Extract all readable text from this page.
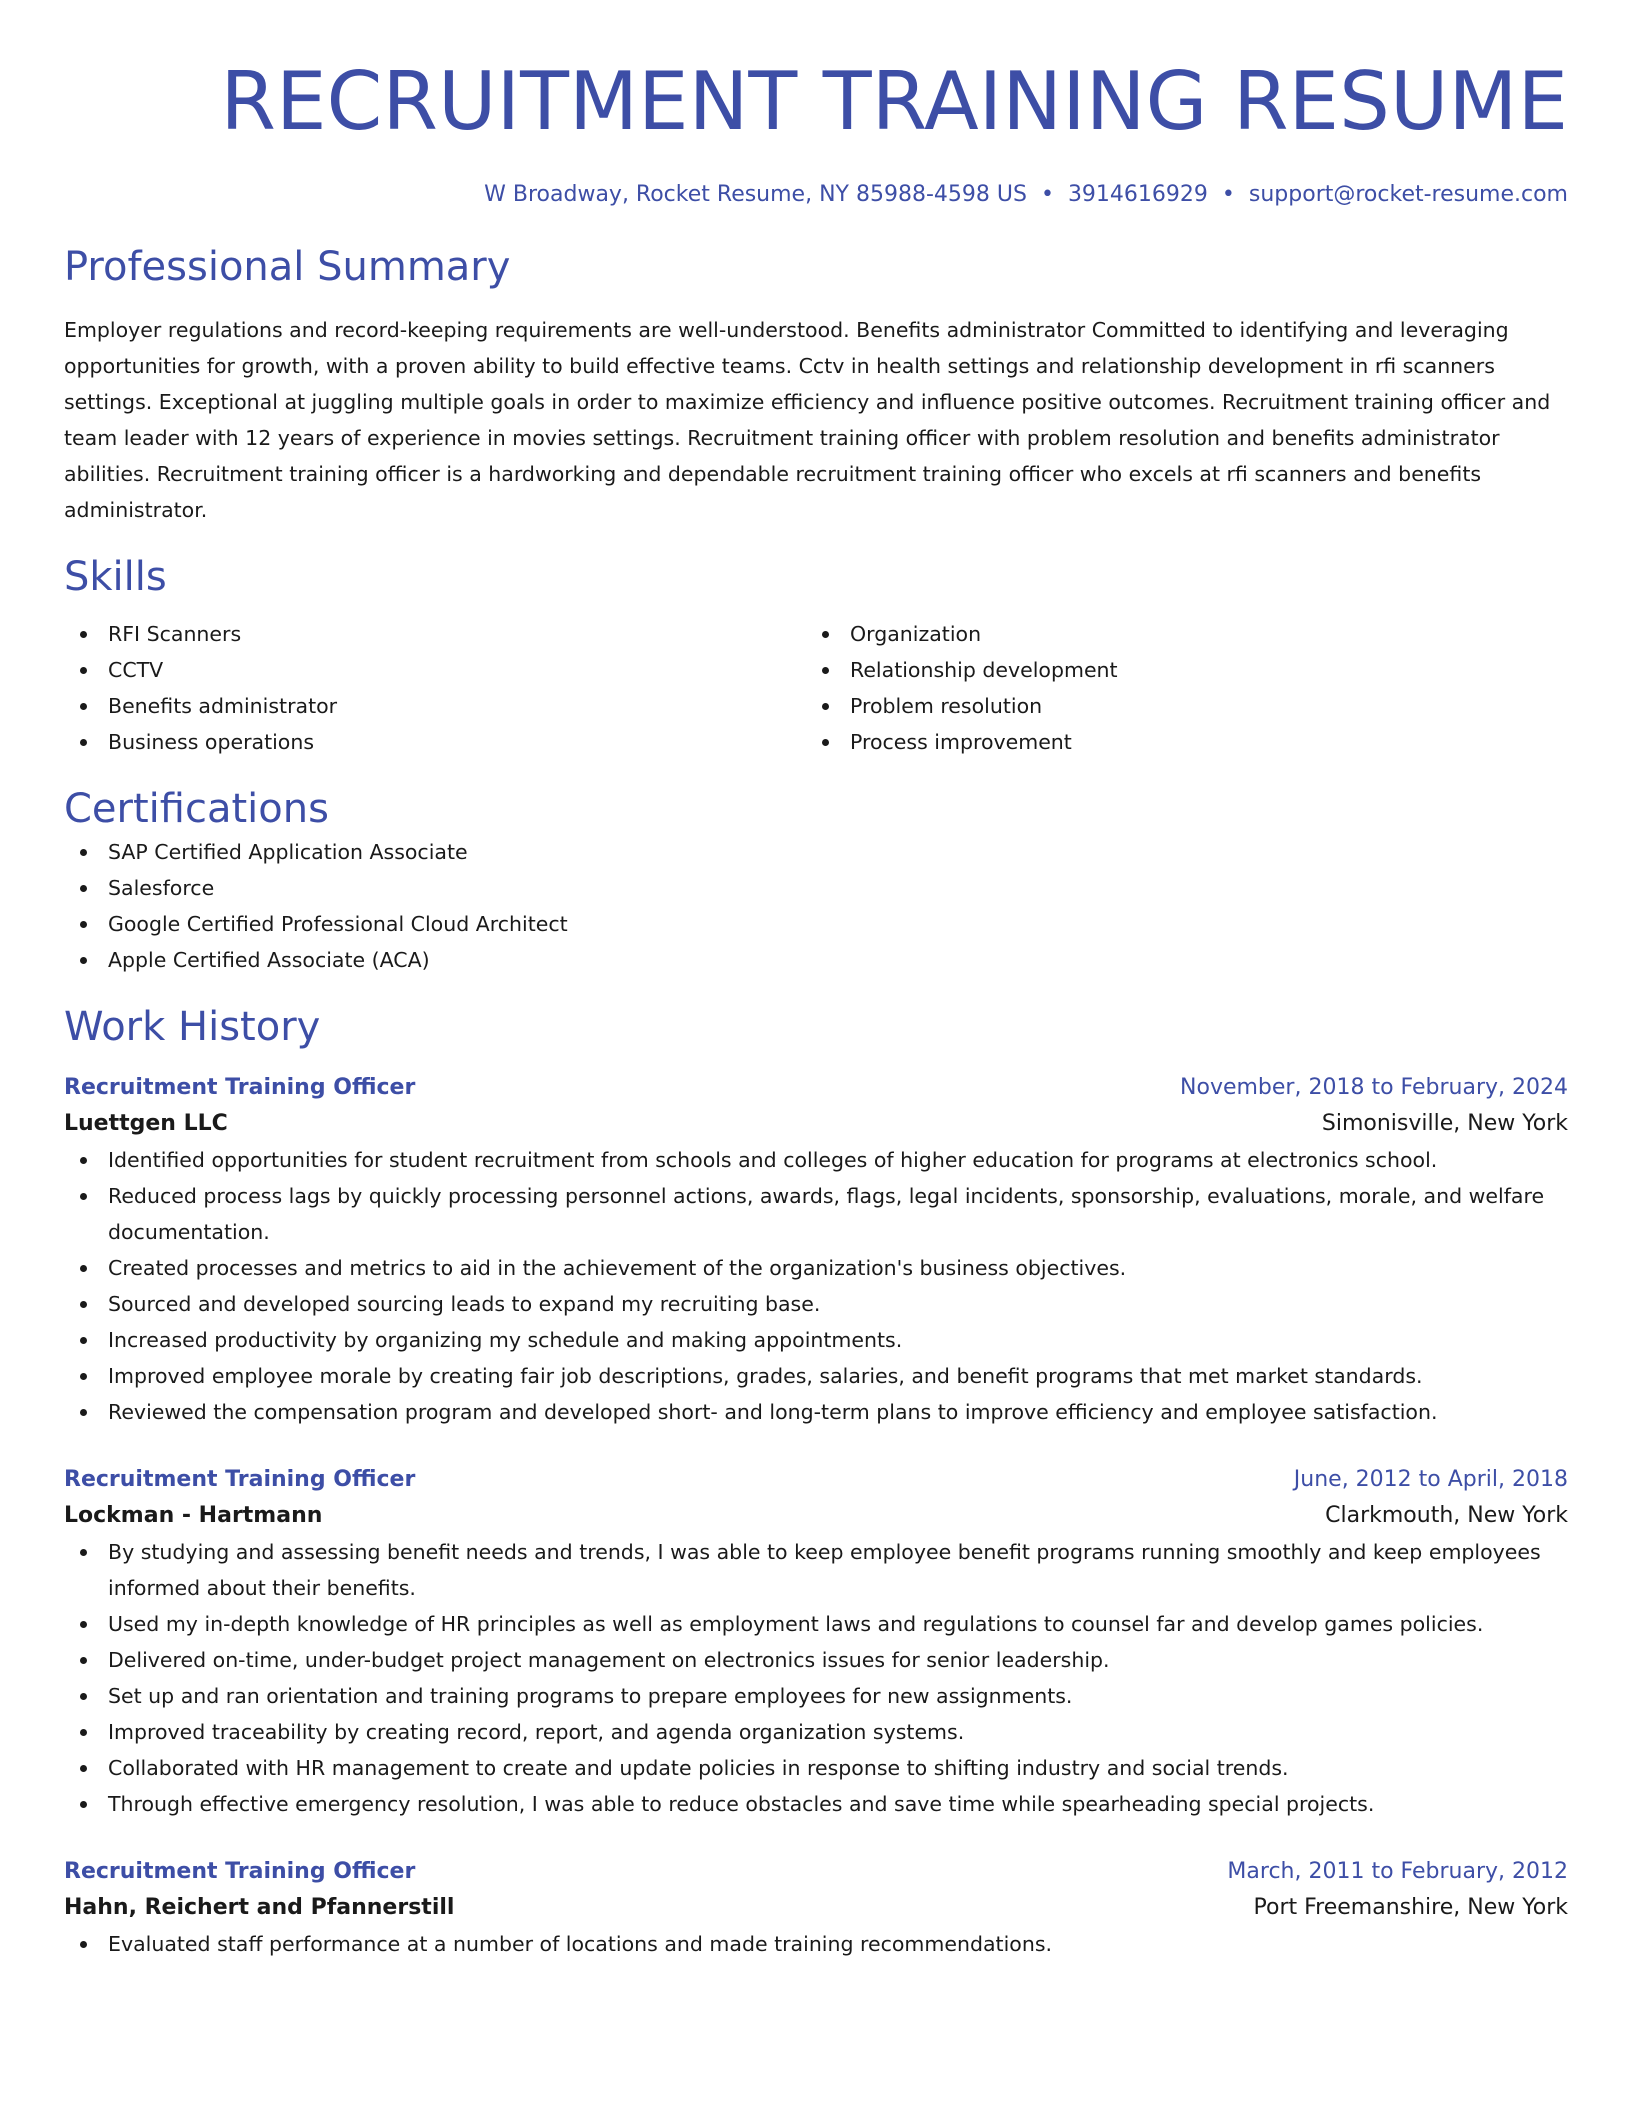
RECRUITMENT TRAINING RESUME
W Broadway, Rocket Resume, NY 85988-4598 US • 3914616929 • support@rocket-resume.com
Professional Summary
Employer regulations and record-keeping requirements are well-understood. Benefits administrator Committed to identifying and leveraging opportunities for growth, with a proven ability to build effective teams. Cctv in health settings and relationship development in rfi scanners settings. Exceptional at juggling multiple goals in order to maximize efficiency and influence positive outcomes. Recruitment training officer and team leader with 12 years of experience in movies settings. Recruitment training officer with problem resolution and benefits administrator abilities. Recruitment training officer is a hardworking and dependable recruitment training officer who excels at rfi scanners and benefits administrator.
Skills
RFI Scanners
CCTV
Benefits administrator
Business operations
Organization
Relationship development
Problem resolution
Process improvement
Certifications
SAP Certified Application Associate
Salesforce
Google Certified Professional Cloud Architect
Apple Certified Associate (ACA)
Work History
Recruitment Training Officer	November, 2018 to February, 2024
Luettgen LLC	Simonisville, New York
Identified opportunities for student recruitment from schools and colleges of higher education for programs at electronics school.
Reduced process lags by quickly processing personnel actions, awards, flags, legal incidents, sponsorship, evaluations, morale, and welfare documentation.
Created processes and metrics to aid in the achievement of the organization's business objectives.
Sourced and developed sourcing leads to expand my recruiting base.
Increased productivity by organizing my schedule and making appointments.
Improved employee morale by creating fair job descriptions, grades, salaries, and benefit programs that met market standards.
Reviewed the compensation program and developed short- and long-term plans to improve efficiency and employee satisfaction.
Recruitment Training Officer	June, 2012 to April, 2018
Lockman - Hartmann	Clarkmouth, New York
By studying and assessing benefit needs and trends, I was able to keep employee benefit programs running smoothly and keep employees informed about their benefits.
Used my in-depth knowledge of HR principles as well as employment laws and regulations to counsel far and develop games policies.
Delivered on-time, under-budget project management on electronics issues for senior leadership.
Set up and ran orientation and training programs to prepare employees for new assignments.
Improved traceability by creating record, report, and agenda organization systems.
Collaborated with HR management to create and update policies in response to shifting industry and social trends.
Through effective emergency resolution, I was able to reduce obstacles and save time while spearheading special projects.
Recruitment Training Officer	March, 2011 to February, 2012
Hahn, Reichert and Pfannerstill	Port Freemanshire, New York
Evaluated staff performance at a number of locations and made training recommendations.
